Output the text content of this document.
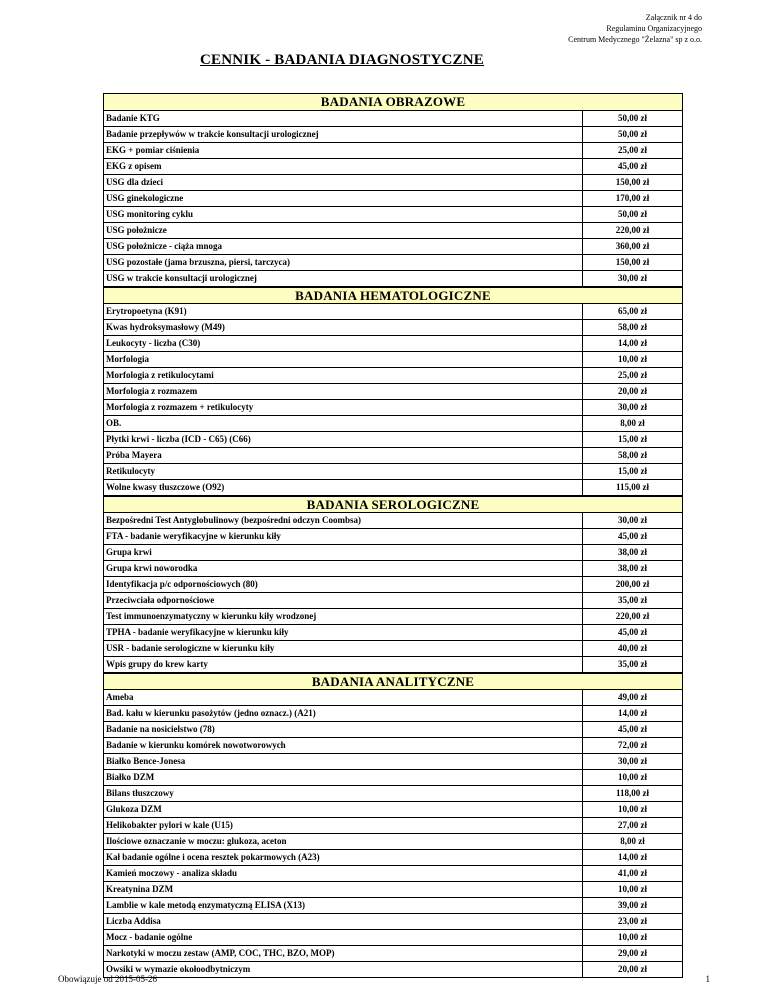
Załącznik nr 4 do
Regulaminu Organizacyjnego
Centrum Medycznego "Żelazna" sp z o.o.
CENNIK - BADANIA DIAGNOSTYCZNE
BADANIA OBRAZOWE
Badanie KTG	50,00 zł
Badanie przepływów w trakcie konsultacji urologicznej	50,00 zł
EKG + pomiar ciśnienia	25,00 zł
EKG z opisem	45,00 zł
USG dla dzieci	150,00 zł
USG ginekologiczne	170,00 zł
USG monitoring cyklu	50,00 zł
USG położnicze	220,00 zł
USG położnicze - ciąża mnoga	360,00 zł
USG pozostałe (jama brzuszna, piersi, tarczyca)	150,00 zł
USG w trakcie konsultacji urologicznej	30,00 zł
BADANIA HEMATOLOGICZNE
Erytropoetyna (K91)	65,00 zł
Kwas hydroksymasłowy (M49)	58,00 zł
Leukocyty - liczba (C30)	14,00 zł
Morfologia	10,00 zł
Morfologia z retikulocytami	25,00 zł
Morfologia z rozmazem	20,00 zł
Morfologia z rozmazem + retikulocyty	30,00 zł
OB.	8,00 zł
Płytki krwi - liczba (ICD - C65) (C66)	15,00 zł
Próba Mayera	58,00 zł
Retikulocyty	15,00 zł
Wolne kwasy tłuszczowe (O92)	115,00 zł
BADANIA SEROLOGICZNE
Bezpośredni Test Antyglobulinowy (bezpośredni odczyn Coombsa)	30,00 zł
FTA - badanie weryfikacyjne w kierunku kiły	45,00 zł
Grupa krwi	38,00 zł
Grupa krwi noworodka	38,00 zł
Identyfikacja p/c odpornościowych (80)	200,00 zł
Przeciwciała odpornościowe	35,00 zł
Test immunoenzymatyczny w kierunku kiły wrodzonej	220,00 zł
TPHA - badanie weryfikacyjne w kierunku kiły	45,00 zł
USR - badanie serologiczne w kierunku kiły	40,00 zł
Wpis grupy do krew karty	35,00 zł
BADANIA ANALITYCZNE
Ameba	49,00 zł
Bad. kału w kierunku pasożytów (jedno oznacz.) (A21)	14,00 zł
Badanie na nosicielstwo (78)	45,00 zł
Badanie w kierunku komórek nowotworowych	72,00 zł
Białko Bence-Jonesa	30,00 zł
Białko DZM	10,00 zł
Bilans tłuszczowy	118,00 zł
Glukoza DZM	10,00 zł
Helikobakter pylori w kale (U15)	27,00 zł
Ilościowe oznaczanie w moczu: glukoza, aceton	8,00 zł
Kał badanie ogólne i ocena resztek pokarmowych (A23)	14,00 zł
Kamień moczowy - analiza składu	41,00 zł
Kreatynina DZM	10,00 zł
Lamblie w kale metodą enzymatyczną ELISA (X13)	39,00 zł
Liczba Addisa	23,00 zł
Mocz - badanie ogólne	10,00 zł
Narkotyki w moczu zestaw (AMP, COC, THC, BZO, MOP)	29,00 zł
Owsiki w wymazie okołoodbytniczym	20,00 zł
Obowiązuje od 2015-05-26	1
